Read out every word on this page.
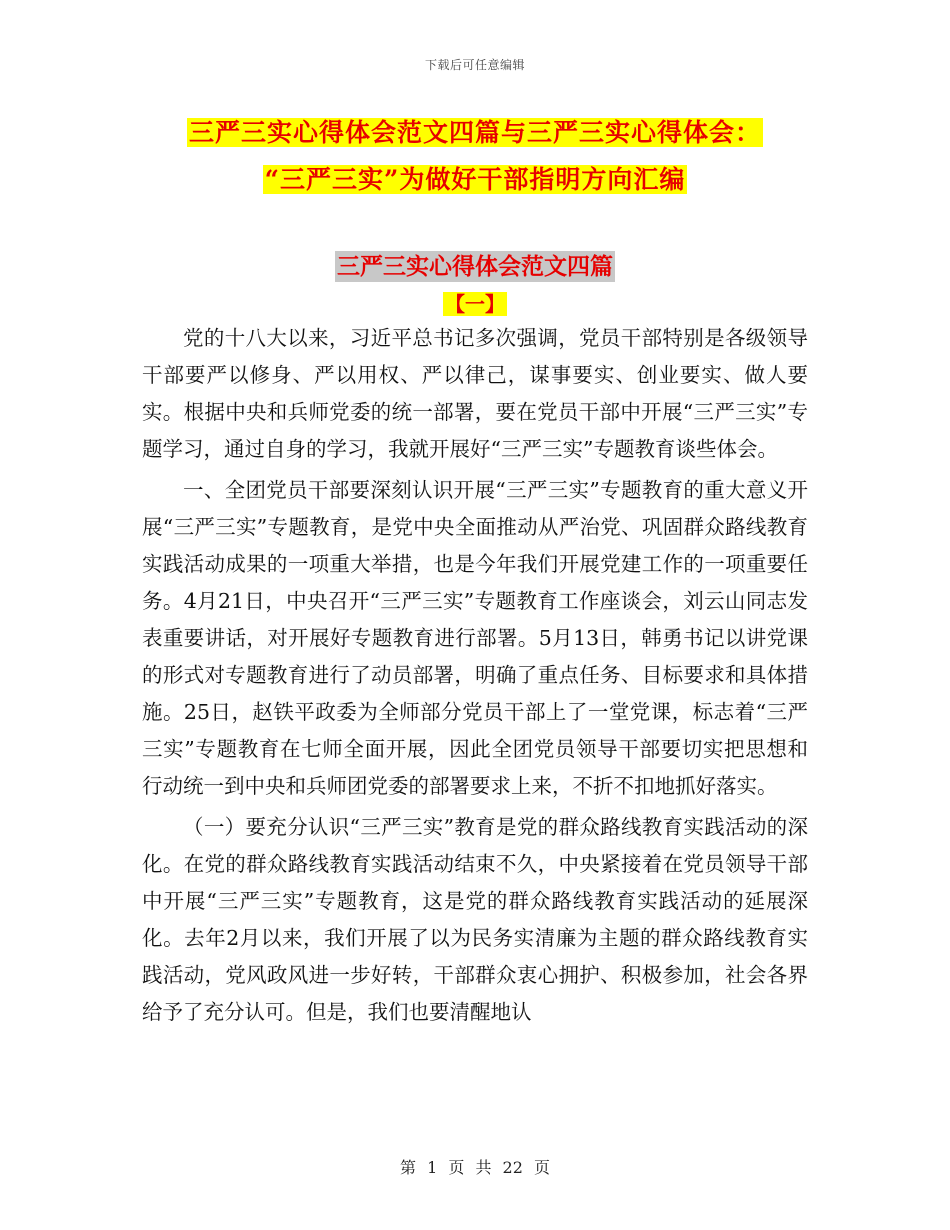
下载后可任意编辑
三严三实心得体会范文四篇与三严三实心得体会：
“三严三实”为做好干部指明方向汇编
三严三实心得体会范文四篇
【一】

党的十八大以来，习近平总书记多次强调，党员干部特别是各级领导干部要严以修身、严以用权、严以律己，谋事要实、创业要实、做人要实。根据中央和兵师党委的统一部署，要在党员干部中开展“三严三实”专题学习，通过自身的学习，我就开展好“三严三实”专题教育谈些体会。

一、全团党员干部要深刻认识开展“三严三实”专题教育的重大意义开展“三严三实”专题教育，是党中央全面推动从严治党、巩固群众路线教育实践活动成果的一项重大举措，也是今年我们开展党建工作的一项重要任务。4月21日，中央召开“三严三实”专题教育工作座谈会，刘云山同志发表重要讲话，对开展好专题教育进行部署。5月13日，韩勇书记以讲党课的形式对专题教育进行了动员部署，明确了重点任务、目标要求和具体措施。25日，赵铁平政委为全师部分党员干部上了一堂党课，标志着“三严三实”专题教育在七师全面开展，因此全团党员领导干部要切实把思想和行动统一到中央和兵师团党委的部署要求上来，不折不扣地抓好落实。

（一）要充分认识“三严三实”教育是党的群众路线教育实践活动的深化。在党的群众路线教育实践活动结束不久，中央紧接着在党员领导干部中开展“三严三实”专题教育，这是党的群众路线教育实践活动的延展深化。去年2月以来，我们开展了以为民务实清廉为主题的群众路线教育实践活动，党风政风进一步好转，干部群众衷心拥护、积极参加，社会各界给予了充分认可。但是，我们也要清醒地认

第 1 页 共 22 页
